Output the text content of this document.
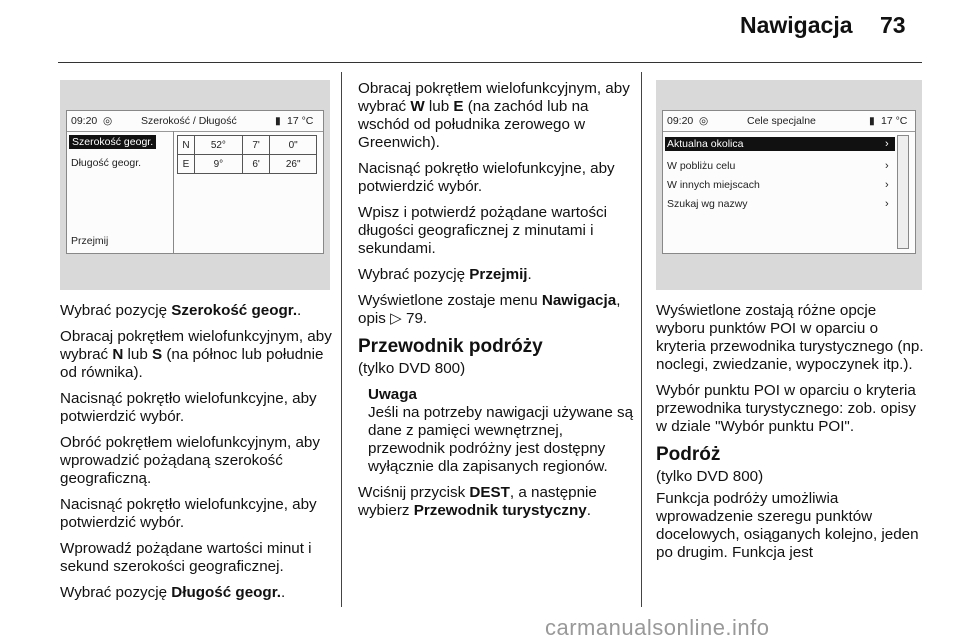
Nawigacja 73
09:20 ◎	Szerokość / Długość	▮ 17 °C
Szerokość geogr.
Długość geogr.
Przejmij
N	52°	7'	0"
E	9°	6'	26"
09:20 ◎	Cele specjalne	▮ 17 °C
Aktualna okolica	›
W pobliżu celu	›
W innych miejscach	›
Szukaj wg nazwy	›

Wybrać pozycję Szerokość geogr..

Obracaj pokrętłem wielofunkcyjnym, aby wybrać N lub S (na północ lub południe od równika).

Nacisnąć pokrętło wielofunkcyjne, aby potwierdzić wybór.

Obróć pokrętłem wielofunkcyjnym, aby wprowadzić pożądaną szerokość geograficzną.

Nacisnąć pokrętło wielofunkcyjne, aby potwierdzić wybór.

Wprowadź pożądane wartości minut i sekund szerokości geograficznej.

Wybrać pozycję Długość geogr..

Obracaj pokrętłem wielofunkcyjnym, aby wybrać W lub E (na zachód lub na wschód od południka zerowego w Greenwich).

Nacisnąć pokrętło wielofunkcyjne, aby potwierdzić wybór.

Wpisz i potwierdź pożądane wartości długości geograficznej z minutami i sekundami.

Wybrać pozycję Przejmij.

Wyświetlone zostaje menu Nawigacja, opis ▷ 79.

Przewodnik podróży

(tylko DVD 800)

Uwaga

Jeśli na potrzeby nawigacji używane są dane z pamięci wewnętrznej, przewodnik podróżny jest dostępny wyłącznie dla zapisanych regionów.

Wciśnij przycisk DEST, a następnie wybierz Przewodnik turystyczny.

Wyświetlone zostają różne opcje wyboru punktów POI w oparciu o kryteria przewodnika turystycznego (np. noclegi, zwiedzanie, wypoczynek itp.).

Wybór punktu POI w oparciu o kryteria przewodnika turystycznego: zob. opisy w dziale "Wybór punktu POI".

Podróż

(tylko DVD 800)

Funkcja podróży umożliwia wprowadzenie szeregu punktów docelowych, osiąganych kolejno, jeden po drugim. Funkcja jest

carmanualsonline.info
